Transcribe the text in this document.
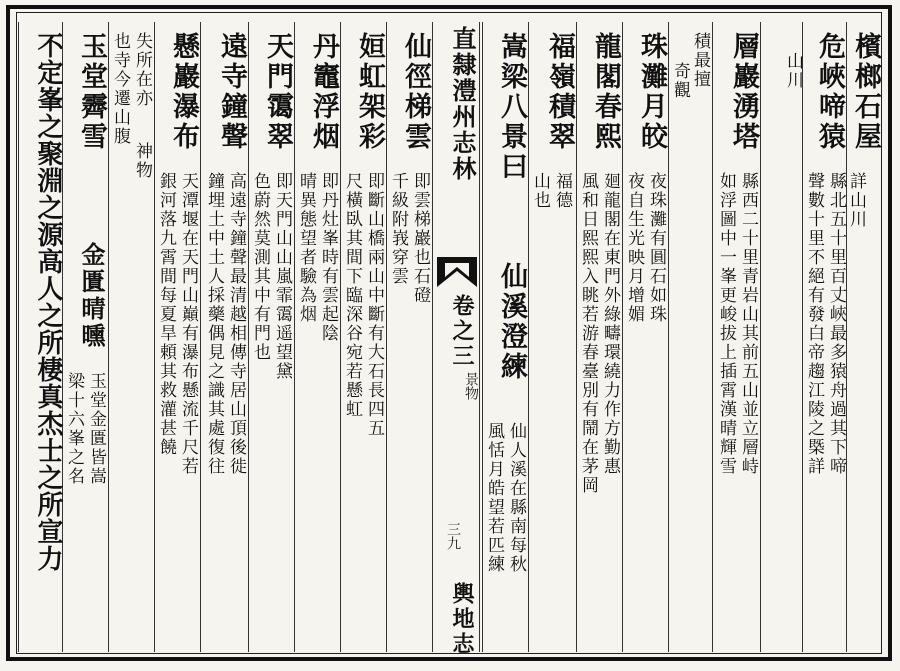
直隸澧州志林
卷之三
景物
三九
輿地志
檳榔石屋
詳山川
危峽啼猿
縣北五十里百丈峽最多猿舟過其下啼
聲數十里不絕有發白帝趨江陵之槩詳
山川
層巖湧塔
縣西二十里青岩山其前五山並立層峙
如浮圖中一峯更峻拔上插霄漢晴輝雪
積最擅
奇觀
珠灘月皎
夜珠灘有圓石如珠
夜自生光映月增媚
龍閣春熙
廻龍閣在東門外綠疇環繞力作方勤惠
風和日熙熙入眺若游春臺別有鬧在茅岡
福嶺積翠
福德
山也
仙溪澄練
仙人溪在縣南每秋
風恬月皓望若匹練
仙徑梯雲
即雲梯巖也石磴
千級附峩穿雲
姮虹架彩
即斷山橋兩山中斷有大石長四五
尺橫臥其間下臨深谷宛若懸虹
丹竈浮烟
即丹灶峯時有雲起陰
晴異態望者驗為烟
天門霭翠
即天門山山嵐霏霭遥望黛
色蔚然莫測其中有門也
遠寺鐘聲
高遠寺鐘聲最清越相傳寺居山頂後徙
鐘埋土中土人採藥偶見之識其處復往
懸巖瀑布
天潭堰在天門山巔有瀑布懸流千尺若
銀河落九霄間每夏旱頼其救灌甚饒
失所在亦
也寺今遷山腹
神物
玉堂霽雪
金匱晴曛
玉堂金匱皆嵩
梁十六峯之名
不定峯之聚淵之源高人之所棲真杰士之所宣力	嵩梁八景曰
